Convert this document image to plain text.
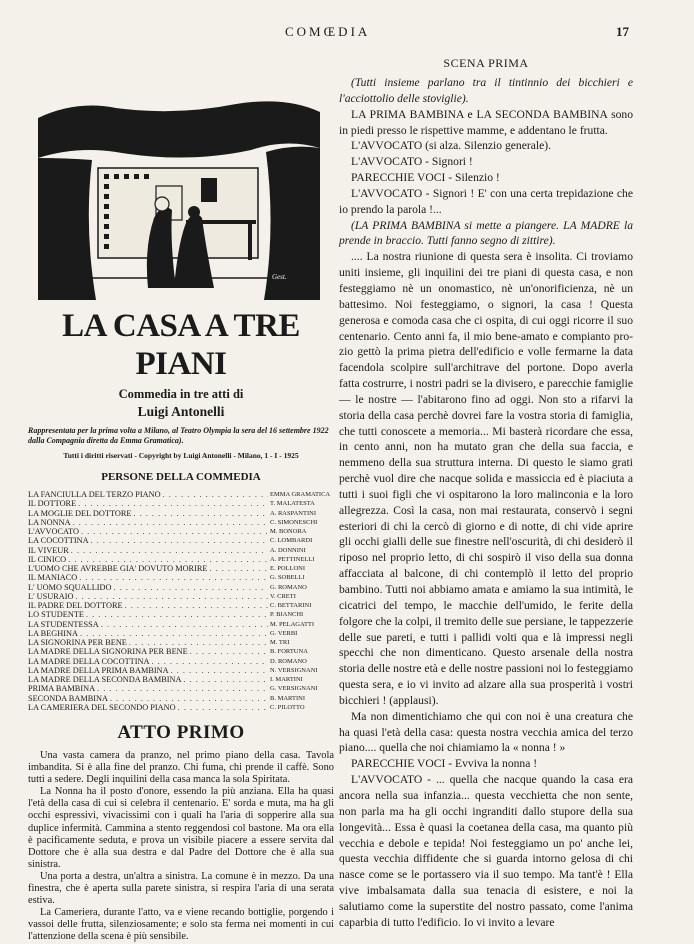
COMŒDIA	17
Gest.
LA CASA A TRE PIANI
Commedia in tre atti di
Luigi Antonelli
Rappresentata per la prima volta a Milano, al Teatro Olympia la sera del 16 settembre 1922 dalla Compagnia diretta da Emma Gramatica).
Tutti i diritti riservati - Copyright by Luigi Antonelli - Milano, 1 - I - 1925
PERSONE DELLA COMMEDIA
LA FANCIULLA DEL TERZO PIANO . . .	EMMA GRAMATICA
IL DOTTORE . . .	T. MALATESTA
LA MOGLIE DEL DOTTORE . . .	A. RASPANTINI
LA NONNA . . .	C. SIMONESCHI
L'AVVOCATO . . .	M. BONORA
LA COCOTTINA . . .	C. LOMBARDI
IL VIVEUR . . .	A. DONNINI
IL CINICO . . .	A. PETTINELLI
L'UOMO CHE AVREBBE GIA' DOVUTO MORIRE . . .	E. POLLONI
IL MANIACO . . .	G. SOBELLI
L' UOMO SQUALLIDO . . .	G. ROMANO
L' USURAIO . . .	V. CRETI
IL PADRE DEL DOTTORE . . .	C. BETTARINI
LO STUDENTE . . .	P. BIANCHI
LA STUDENTESSA . . .	M. PELAGATTI
LA BEGHINA . . .	G. VERBI
LA SIGNORINA PER BENE . . .	M. TRI
LA MADRE DELLA SIGNORINA PER BENE . . .	B. FORTUNA
LA MADRE DELLA COCOTTINA . . .	D. ROMANO
LA MADRE DELLA PRIMA BAMBINA . . .	N. VERSIGNANI
LA MADRE DELLA SECONDA BAMBINA . . .	I. MARTINI
PRIMA BAMBINA . . .	G. VERSIGNANI
SECONDA BAMBINA . . .	B. MARTINI
LA CAMERIERA DEL SECONDO PIANO . . .	C. PILOTTO
ATTO PRIMO

Una vasta camera da pranzo, nel primo piano della casa. Tavola imbandita. Si è alla fine del pranzo. Chi fuma, chi prende il caffè. Sono tutti a sedere. Degli inquilini della casa manca la sola Spiritata.

La Nonna ha il posto d'onore, essendo la più anziana. Ella ha quasi l'età della casa di cui si celebra il centenario. E' sorda e muta, ma ha gli occhi espressivi, vivacissimi con i quali ha l'aria di sopperire alla sua duplice infermità. Cammina a stento reggendosi col bastone. Ma ora ella è pacificamente seduta, e prova un visibile piacere a essere servita dal Dottore che è alla sua destra e dal Padre del Dottore che è alla sua sinistra.

Una porta a destra, un'altra a sinistra. La comune è in mezzo. Da una finestra, che è aperta sulla parete sinistra, si respira l'aria di una serata estiva.

La Cameriera, durante l'atto, va e viene recando bottiglie, porgendo i vassoi delle frutta, silenziosamente; e solo sta ferma nei momenti in cui l'attenzione della scena è più sensibile.

SCENA PRIMA

(Tutti insieme parlano tra il tintinnio dei bicchieri e l'acciottolio delle stoviglie).

LA PRIMA BAMBINA e LA SECONDA BAMBINA sono in piedi presso le rispettive mamme, e addentano le frutta.

L'AVVOCATO (si alza. Silenzio generale).

L'AVVOCATO - Signori !

PARECCHIE VOCI - Silenzio !

L'AVVOCATO - Signori ! E' con una certa trepidazione che io prendo la parola !...

(LA PRIMA BAMBINA si mette a piangere. LA MADRE la prende in braccio. Tutti fanno segno di zittire).

.... La nostra riunione di questa sera è insolita. Ci troviamo uniti insieme, gli inquilini dei tre piani di questa casa, e non festeggiamo nè un onomastico, nè un'onorificienza, nè un battesimo. Noi festeggiamo, o signori, la casa ! Questa generosa e comoda casa che ci ospita, di cui oggi ricorre il suo centenario. Cento anni fa, il mio bene-amato e compianto pro-zio gettò la prima pietra dell'edificio e volle fermarne la data facendola scolpire sull'architrave del portone. Dopo averla fatta costrurre, i nostri padri se la divisero, e parecchie famiglie — le nostre — l'abitarono fino ad oggi. Non sto a rifarvi la storia della casa perchè dovrei fare la vostra storia di famiglia, che tutti conoscete a memoria... Mi basterà ricordare che essa, in cento anni, non ha mutato gran che della sua faccia, e nemmeno della sua struttura interna. Di questo le siamo grati perchè vuol dire che nacque solida e massiccia ed è piaciuta a tutti i suoi figli che vi ospitarono la loro malinconia e la loro allegrezza. Così la casa, non mai restaurata, conservò i segni esteriori di chi la cercò di giorno e di notte, di chi vide aprire gli occhi gialli delle sue finestre nell'oscurità, di chi desiderò il riposo nel proprio letto, di chi sospirò il viso della sua donna affacciata al balcone, di chi contemplò il letto del proprio bambino. Tutti noi abbiamo amata e amiamo la sua intimità, le cicatrici del tempo, le macchie dell'umido, le ferite della folgore che la colpi, il tremito delle sue persiane, le tappezzerie delle sue pareti, e tutti i pallidi volti qua e là impressi negli specchi che non dimenticano. Questo arsenale della nostra storia delle nostre età e delle nostre passioni noi lo festeggiamo questa sera, e io vi invito ad alzare alla sua prosperità i vostri bicchieri ! (applausi).

Ma non dimentichiamo che qui con noi è una creatura che ha quasi l'età della casa: questa nostra vecchia amica del terzo piano.... quella che noi chiamiamo la « nonna ! »

PARECCHIE VOCI - Evviva la nonna !

L'AVVOCATO - ... quella che nacque quando la casa era ancora nella sua infanzia... questa vecchietta che non sente, non parla ma ha gli occhi ingranditi dallo stupore della sua longevità... Essa è quasi la coetanea della casa, ma quanto più vecchia e debole e tepida! Noi festeggiamo un po' anche lei, questa vecchia diffidente che si guarda intorno gelosa di chi nasce come se le portassero via il suo tempo. Ma tant'è ! Ella vive imbalsamata dalla sua tenacia di esistere, e noi la salutiamo come la superstite del nostro passato, come l'anima caparbia di tutto l'edificio. Io vi invito a levare
